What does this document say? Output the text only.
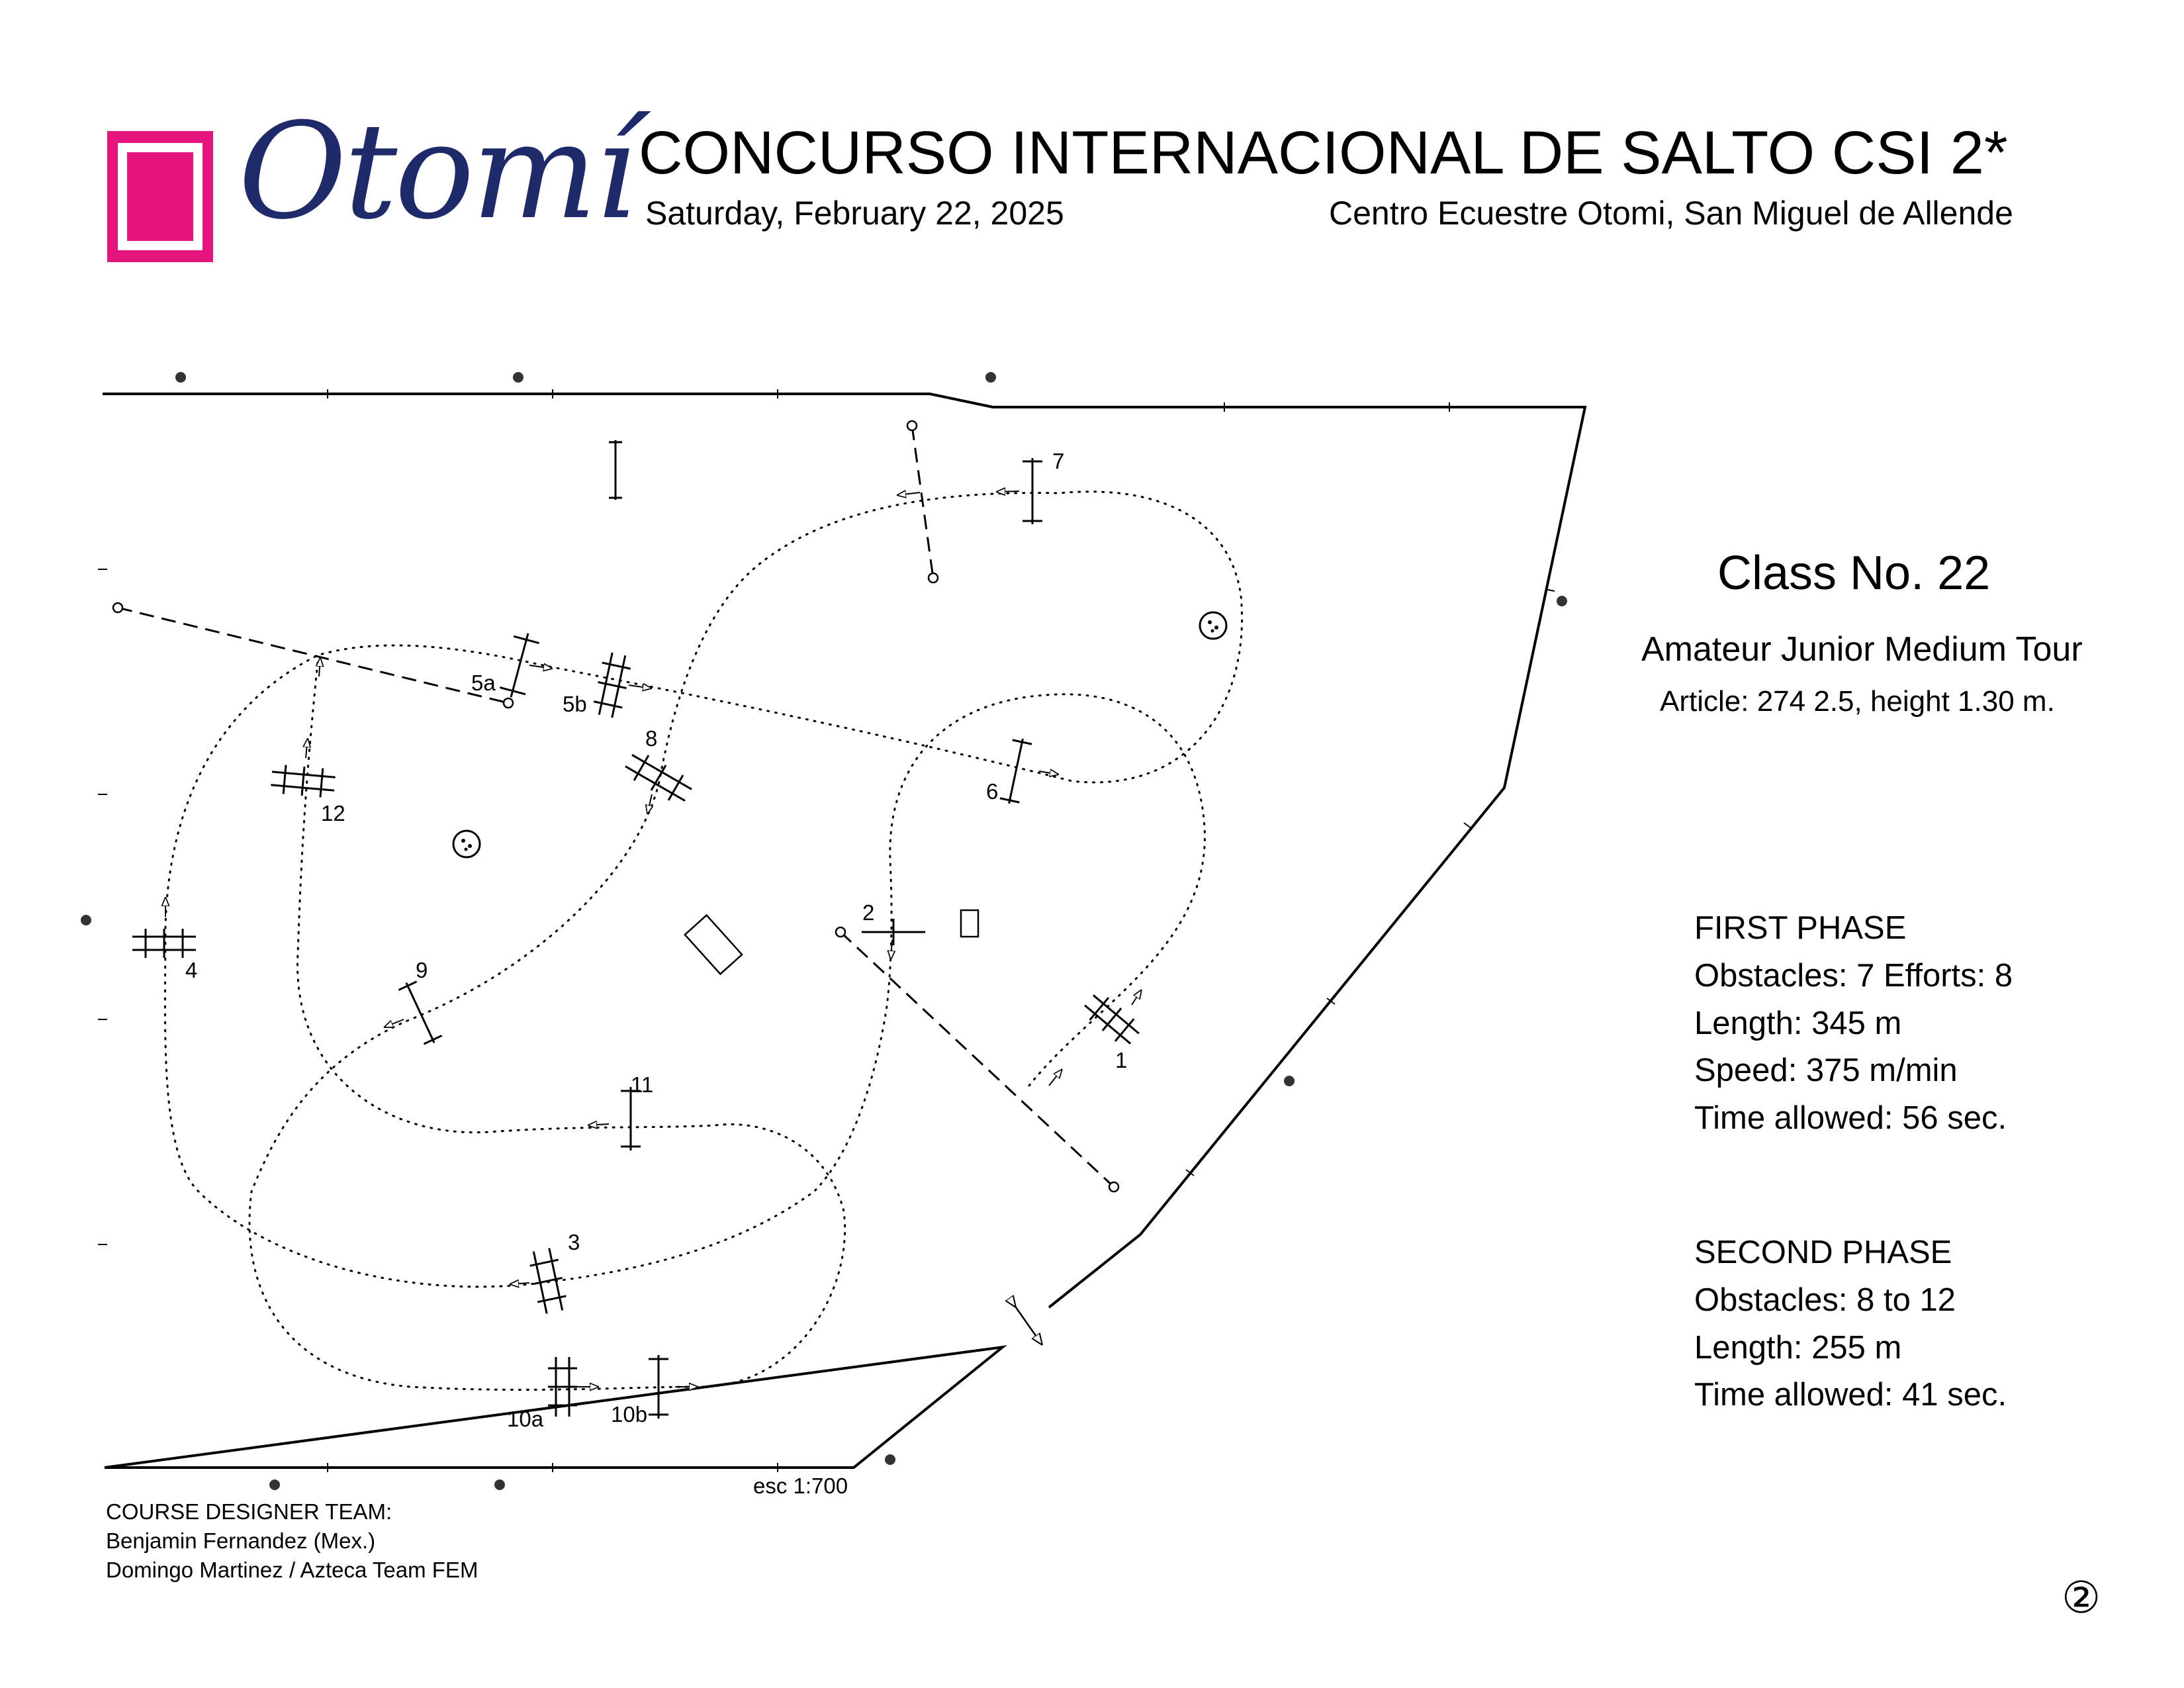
Otomí CONCURSO INTERNACIONAL DE SALTO CSI 2*
Saturday, February 22, 2025	Centro Ecuestre Otomi, San Miguel de Allende
Class No. 22
Amateur Junior Medium Tour
Article: 274 2.5, height 1.30 m.
FIRST PHASE
Obstacles: 7 Efforts: 8
Length: 345 m
Speed: 375 m/min
Time allowed: 56 sec.
SECOND PHASE
Obstacles: 8 to 12
Length: 255 m
Time allowed: 41 sec.
COURSE DESIGNER TEAM:
Benjamin Fernandez (Mex.)
Domingo Martinez / Azteca Team FEM
②
1
2
3
4
5a
5b
6
7
8
9
10a	10b
11
12
esc 1:700
